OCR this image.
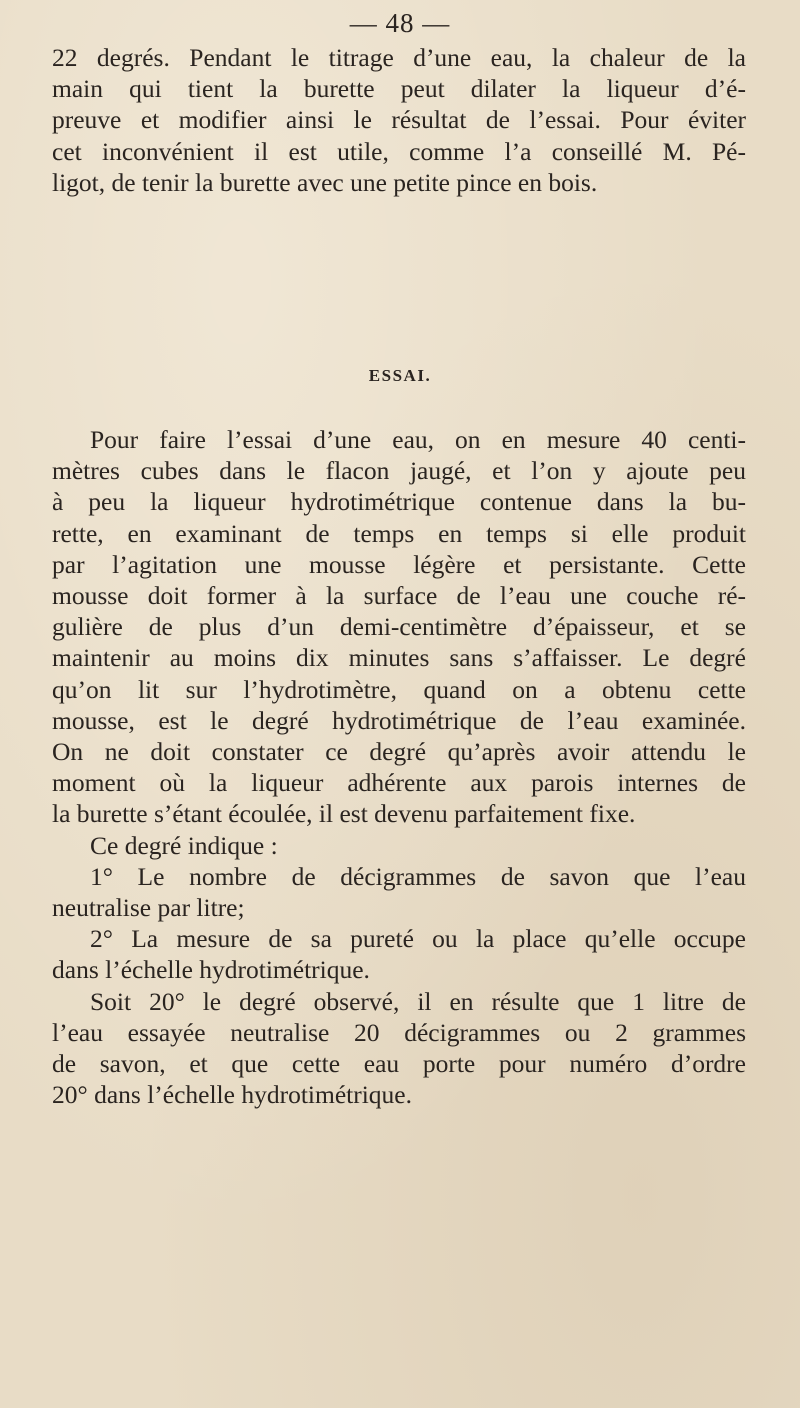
— 48 —
22 degrés. Pendant le titrage d’une eau, la chaleur de la
main qui tient la burette peut dilater la liqueur d’é-
preuve et modifier ainsi le résultat de l’essai. Pour éviter
cet inconvénient il est utile, comme l’a conseillé M. Pé-
ligot, de tenir la burette avec une petite pince en bois.
ESSAI.
Pour faire l’essai d’une eau, on en mesure 40 centi-
mètres cubes dans le flacon jaugé, et l’on y ajoute peu
à peu la liqueur hydrotimétrique contenue dans la bu-
rette, en examinant de temps en temps si elle produit
par l’agitation une mousse légère et persistante. Cette
mousse doit former à la surface de l’eau une couche ré-
gulière de plus d’un demi-centimètre d’épaisseur, et se
maintenir au moins dix minutes sans s’affaisser. Le degré
qu’on lit sur l’hydrotimètre, quand on a obtenu cette
mousse, est le degré hydrotimétrique de l’eau examinée.
On ne doit constater ce degré qu’après avoir attendu le
moment où la liqueur adhérente aux parois internes de
la burette s’étant écoulée, il est devenu parfaitement fixe.
Ce degré indique :
1° Le nombre de décigrammes de savon que l’eau
neutralise par litre;
2° La mesure de sa pureté ou la place qu’elle occupe
dans l’échelle hydrotimétrique.
Soit 20° le degré observé, il en résulte que 1 litre de
l’eau essayée neutralise 20 décigrammes ou 2 grammes
de savon, et que cette eau porte pour numéro d’ordre
20° dans l’échelle hydrotimétrique.
